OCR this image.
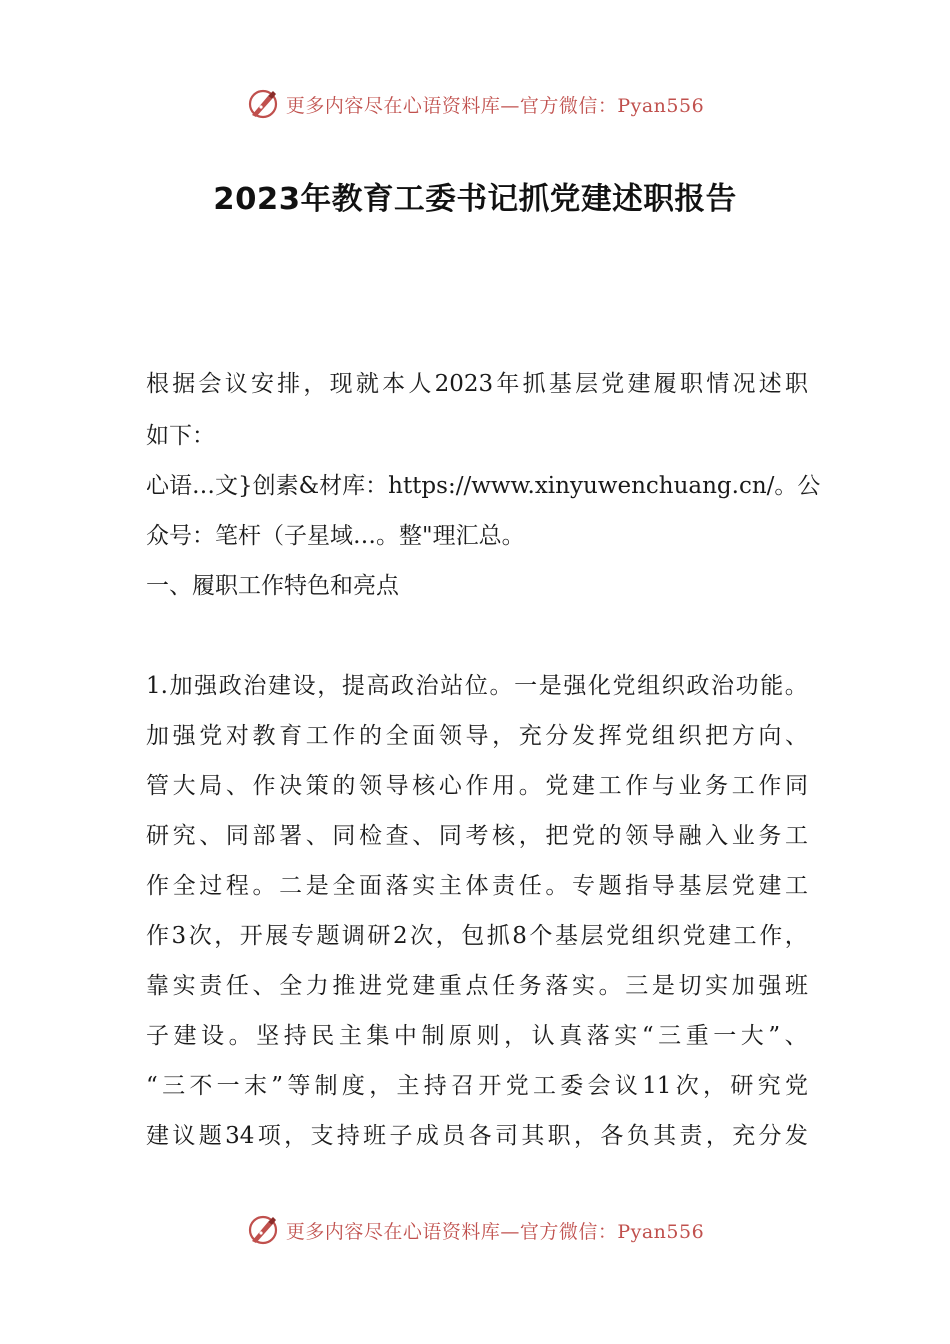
更多内容尽在心语资料库—官方微信：Pyan556
2023年教育工委书记抓党建述职报告
根 据 会 议 安 排 ， 现 就 本 人 2023 年 抓 基 层 党 建 履 职 情 况 述 职
如下：
心 语 … 文 } 创 素 & 材 库 ： https://www.xinyuwenchuang.cn/ 。 公
众号：笔杆（子星域…。整"理汇总。
一、履职工作特色和亮点
1. 加 强 政 治 建 设 ， 提 高 政 治 站 位 。 一 是 强 化 党 组 织 政 治 功 能 。
加 强 党 对 教 育 工 作 的 全 面 领 导 ， 充 分 发 挥 党 组 织 把 方 向 、
管 大 局 、 作 决 策 的 领 导 核 心 作 用 。 党 建 工 作 与 业 务 工 作 同
研 究 、 同 部 署 、 同 检 查 、 同 考 核 ， 把 党 的 领 导 融 入 业 务 工
作 全 过 程 。 二 是 全 面 落 实 主 体 责 任 。 专 题 指 导 基 层 党 建 工
作 3 次 ， 开 展 专 题 调 研 2 次 ， 包 抓 8 个 基 层 党 组 织 党 建 工 作 ，
靠 实 责 任 、 全 力 推 进 党 建 重 点 任 务 落 实 。 三 是 切 实 加 强 班
子 建 设 。 坚 持 民 主 集 中 制 原 则 ， 认 真 落 实 “ 三 重 一 大 ” 、
“ 三 不 一 末 ” 等 制 度 ， 主 持 召 开 党 工 委 会 议 11 次 ， 研 究 党
建 议 题 34 项 ， 支 持 班 子 成 员 各 司 其 职 ， 各 负 其 责 ， 充 分 发
更多内容尽在心语资料库—官方微信：Pyan556
